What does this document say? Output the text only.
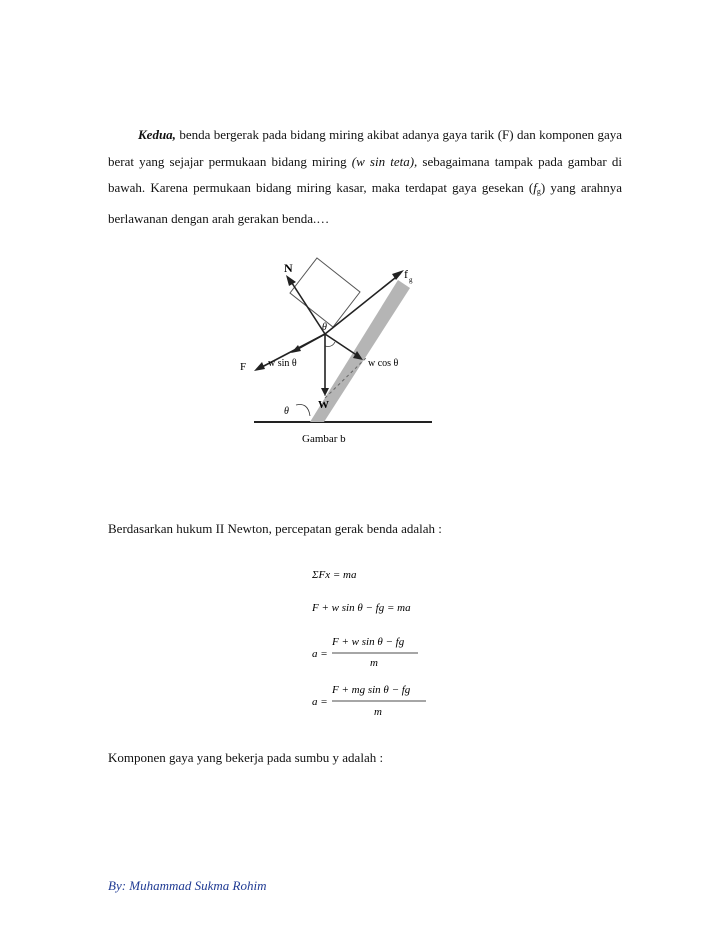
Kedua, benda bergerak pada bidang miring akibat adanya gaya tarik (F) dan komponen gaya berat yang sejajar permukaan bidang miring (w sin teta), sebagaimana tampak pada gambar di bawah. Karena permukaan bidang miring kasar, maka terdapat gaya gesekan $(f_g)$ yang arahnya berlawanan dengan arah gerakan benda.…

N	f g
θ
F w sin θ	w cos θ
W
θ
Gambar b
Berdasarkan hukum II Newton, percepatan gerak benda adalah :
ΣFx = ma
F + w sin θ − fg = ma
a =
F + w sin θ − fg
m
a =
F + mg sin θ − fg
m
Komponen gaya yang bekerja pada sumbu y adalah :
By: Muhammad Sukma Rohim
